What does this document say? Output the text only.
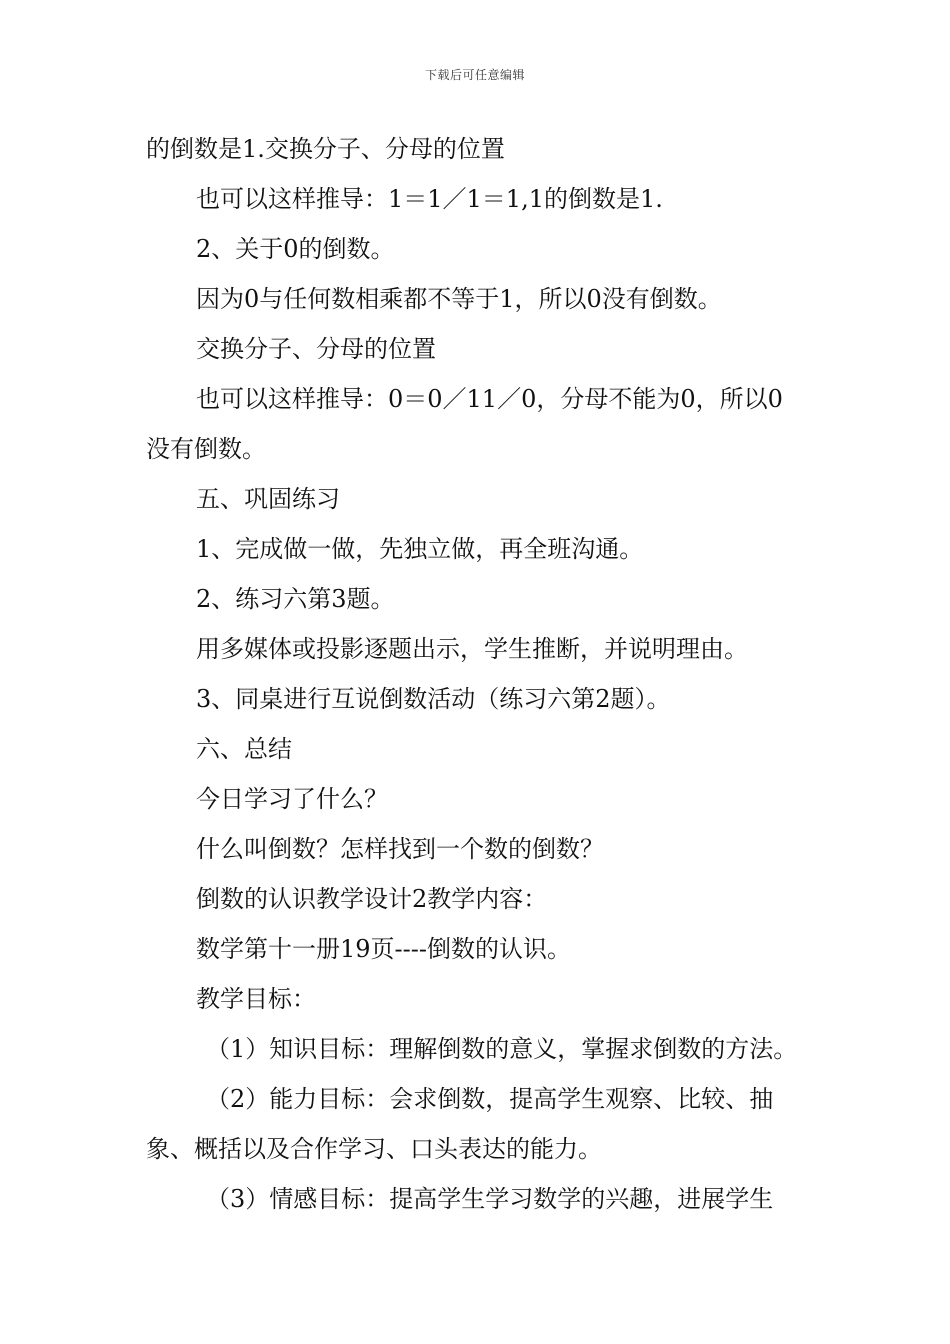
下载后可任意编辑
的倒数是1.交换分子、分母的位置
也可以这样推导：1＝1／1＝1,1的倒数是1.
2、关于0的倒数。
因为0与任何数相乘都不等于1，所以0没有倒数。
交换分子、分母的位置
也可以这样推导：0＝0／11／0，分母不能为0，所以0
没有倒数。
五、巩固练习
1、完成做一做，先独立做，再全班沟通。
2、练习六第3题。
用多媒体或投影逐题出示，学生推断，并说明理由。
3、同桌进行互说倒数活动（练习六第2题）。
六、总结
今日学习了什么？
什么叫倒数？怎样找到一个数的倒数？
倒数的认识教学设计2教学内容：
数学第十一册19页----倒数的认识。
教学目标：
（1）知识目标：理解倒数的意义，掌握求倒数的方法。
（2）能力目标：会求倒数，提高学生观察、比较、抽
象、概括以及合作学习、口头表达的能力。
（3）情感目标：提高学生学习数学的兴趣，进展学生
